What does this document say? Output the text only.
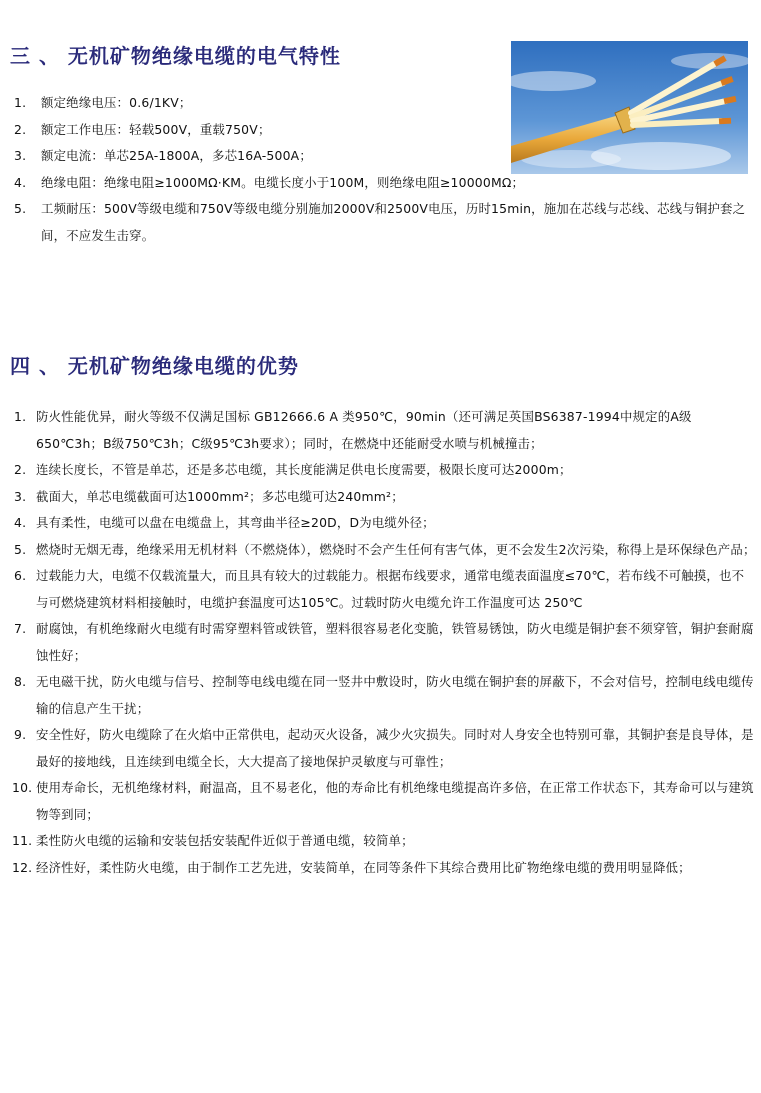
三 、 无机矿物绝缘电缆的电气特性
1.	额定绝缘电压：0.6/1KV；
2.	额定工作电压：轻载500V，重载750V；
3.	额定电流：单芯25A-1800A，多芯16A-500A；
4.	绝缘电阻：绝缘电阻≥1000MΩ·KM。电缆长度小于100M，则绝缘电阻≥10000MΩ；
5.	工频耐压：500V等级电缆和750V等级电缆分别施加2000V和2500V电压，历时15min，施加在芯线与芯线、芯线与铜护套之间，不应发生击穿。
四 、 无机矿物绝缘电缆的优势
1. 防火性能优异，耐火等级不仅满足国标 GB12666.6 A 类950℃，90min（还可满足英国BS6387-1994中规定的A级650℃3h；B级750℃3h；C级95℃3h要求）；同时，在燃烧中还能耐受水喷与机械撞击；
2. 连续长度长，不管是单芯，还是多芯电缆，其长度能满足供电长度需要，极限长度可达2000m；
3. 截面大，单芯电缆截面可达1000mm²；多芯电缆可达240mm²；
4. 具有柔性，电缆可以盘在电缆盘上，其弯曲半径≥20D，D为电缆外径；
5. 燃烧时无烟无毒，绝缘采用无机材料（不燃烧体），燃烧时不会产生任何有害气体，更不会发生2次污染，称得上是环保绿色产品；
6. 过载能力大，电缆不仅载流量大，而且具有较大的过载能力。根据布线要求，通常电缆表面温度≤70℃，若布线不可触摸，也不与可燃烧建筑材料相接触时，电缆护套温度可达105℃。过载时防火电缆允许工作温度可达 250℃
7. 耐腐蚀，有机绝缘耐火电缆有时需穿塑料管或铁管，塑料很容易老化变脆，铁管易锈蚀，防火电缆是铜护套不须穿管，铜护套耐腐蚀性好；
8. 无电磁干扰，防火电缆与信号、控制等电线电缆在同一竖井中敷设时，防火电缆在铜护套的屏蔽下，不会对信号，控制电线电缆传输的信息产生干扰；
9. 安全性好，防火电缆除了在火焰中正常供电，起动灭火设备，减少火灾损失。同时对人身安全也特别可靠，其铜护套是良导体，是最好的接地线，且连续到电缆全长，大大提高了接地保护灵敏度与可靠性；
10. 使用寿命长，无机绝缘材料，耐温高，且不易老化，他的寿命比有机绝缘电缆提高许多倍，在正常工作状态下，其寿命可以与建筑物等到同；
11. 柔性防火电缆的运输和安装包括安装配件近似于普通电缆，较简单；
12. 经济性好，柔性防火电缆，由于制作工艺先进，安装简单，在同等条件下其综合费用比矿物绝缘电缆的费用明显降低；
